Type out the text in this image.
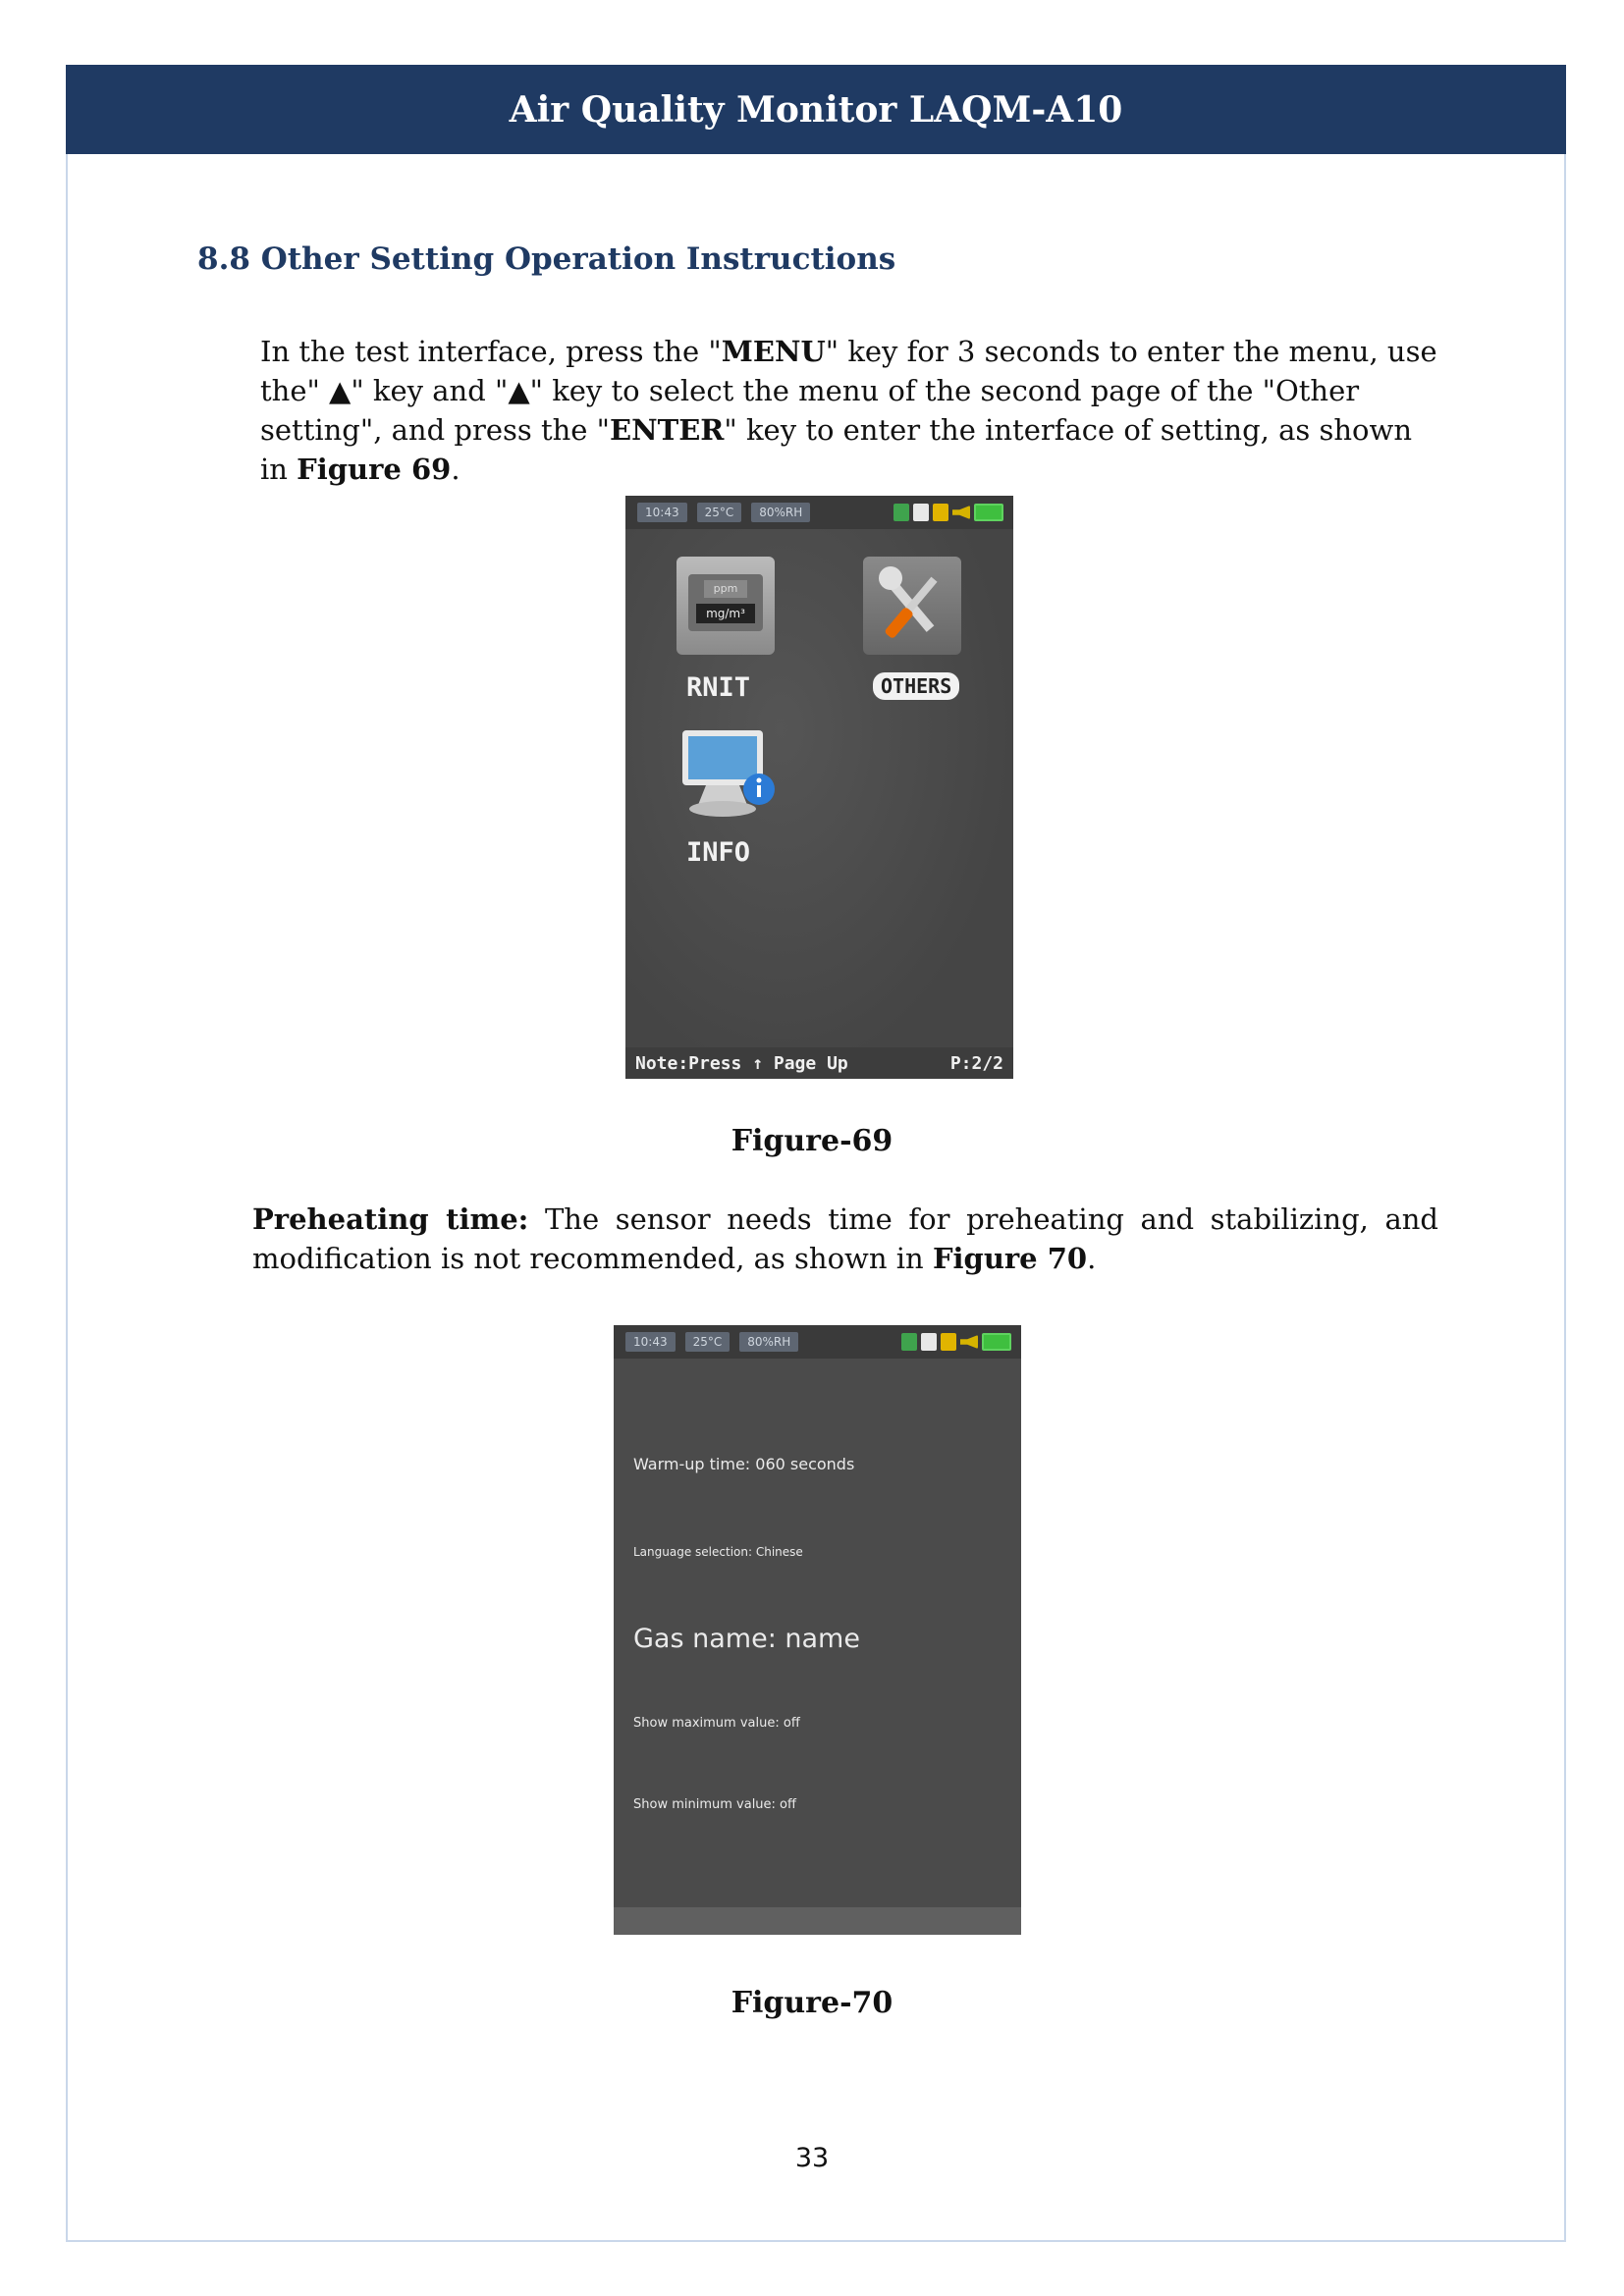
Air Quality Monitor LAQM-A10
8.8 Other Setting Operation Instructions
In the test interface, press the "MENU" key for 3 seconds to enter the menu, use the" ▲" key and "▲" key to select the menu of the second page of the "Other setting", and press the "ENTER" key to enter the interface of setting, as shown in Figure 69.
10:43	25°C	80%RH
ppm
mg/m³
RNIT	OTHERS
INFO
Note:Press ↑ Page Up	P:2/2
Figure-69
Preheating time: The sensor needs time for preheating and stabilizing, and modification is not recommended, as shown in Figure 70.
10:43	25°C	80%RH
Warm-up time: 060 seconds
Language selection: Chinese
Gas name: name
Show maximum value: off
Show minimum value: off
Figure-70
33
